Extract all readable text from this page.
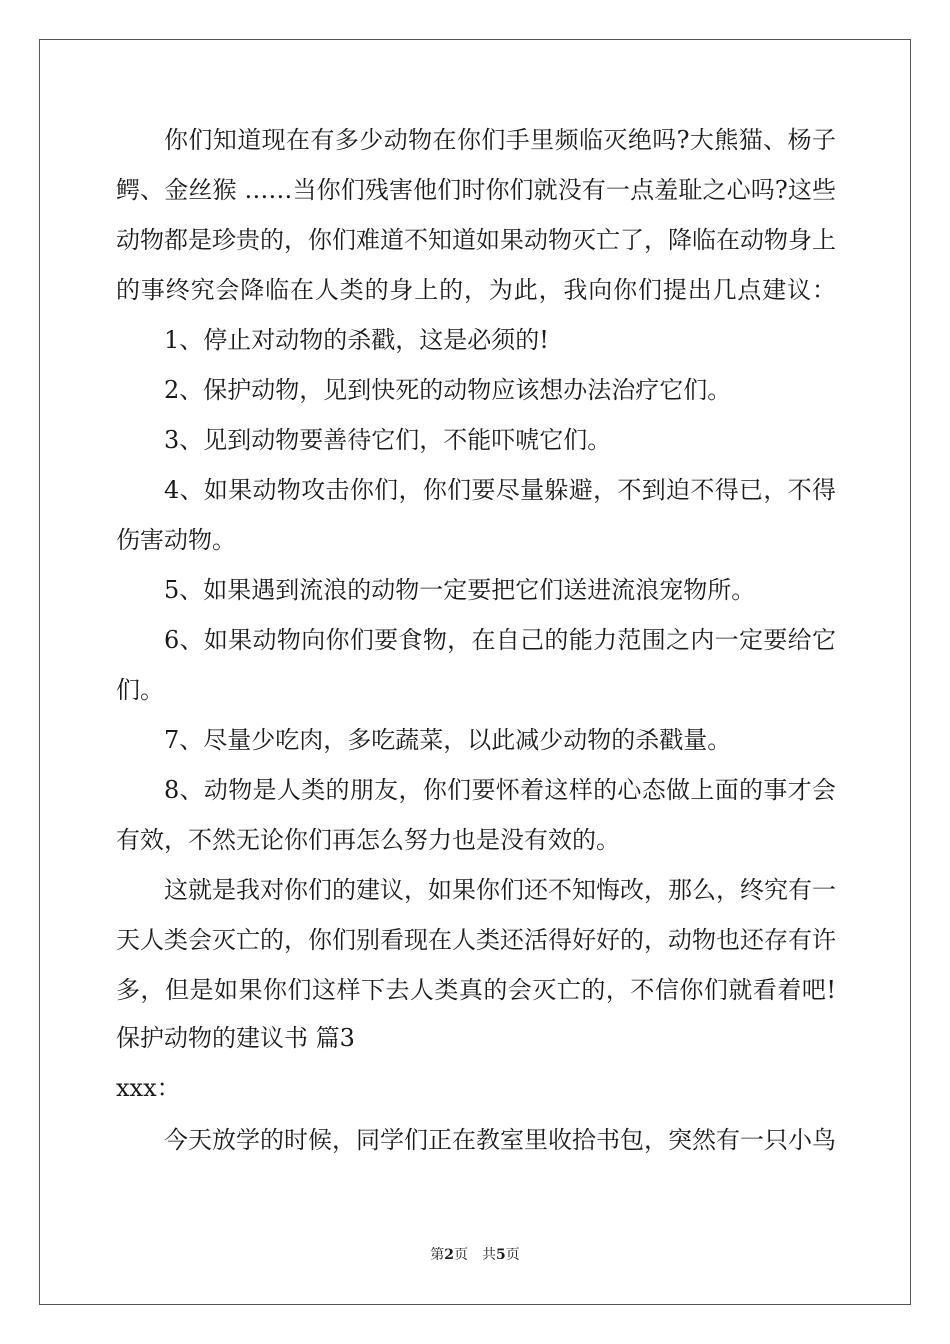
你们知道现在有多少动物在你们手里频临灭绝吗?大熊猫、杨子
鳄、金丝猴 ……当你们残害他们时你们就没有一点羞耻之心吗?这些
动物都是珍贵的，你们难道不知道如果动物灭亡了，降临在动物身上
的事终究会降临在人类的身上的，为此，我向你们提出几点建议：
1、停止对动物的杀戳，这是必须的!
2、保护动物，见到快死的动物应该想办法治疗它们。
3、见到动物要善待它们，不能吓唬它们。
4、如果动物攻击你们，你们要尽量躲避，不到迫不得已，不得
伤害动物。
5、如果遇到流浪的动物一定要把它们送进流浪宠物所。
6、如果动物向你们要食物，在自己的能力范围之内一定要给它
们。
7、尽量少吃肉，多吃蔬菜，以此减少动物的杀戳量。
8、动物是人类的朋友，你们要怀着这样的心态做上面的事才会
有效，不然无论你们再怎么努力也是没有效的。
这就是我对你们的建议，如果你们还不知悔改，那么，终究有一
天人类会灭亡的，你们别看现在人类还活得好好的，动物也还存有许
多，但是如果你们这样下去人类真的会灭亡的，不信你们就看着吧!
保护动物的建议书 篇3
xxx：
今天放学的时候，同学们正在教室里收拾书包，突然有一只小鸟
第2页　共5页
